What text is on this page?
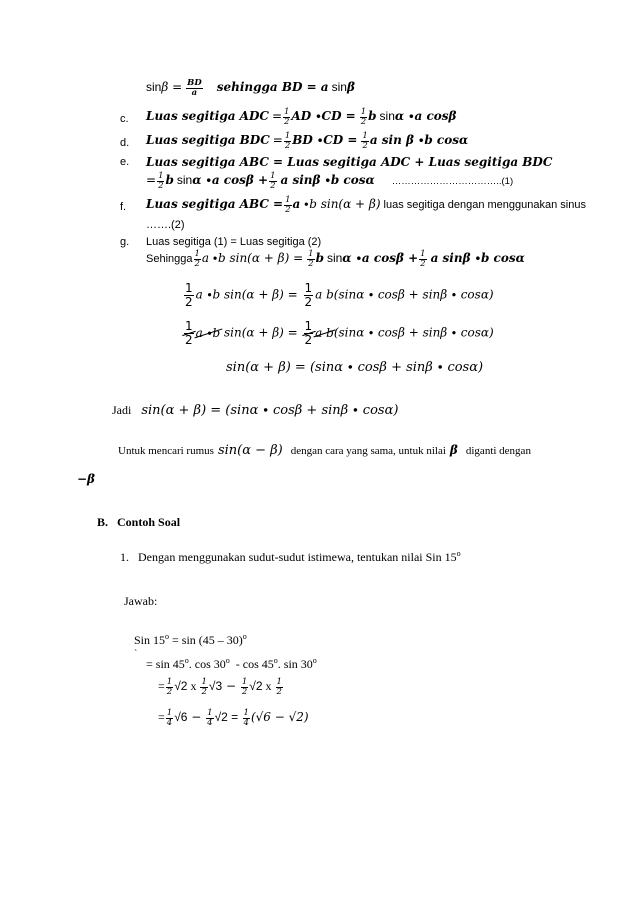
$\sin\beta = \frac{BD}{a}$ sehingga BD = a sinβ
c. Luas segitiga ADC = $\frac{1}{2}$ AD $\cdot CD = \frac{1}{2}$ b sinα ∙a cosβ
d. Luas segitiga BDC = $\frac{1}{2}$ BD $\cdot CD = \frac{1}{2}$ a sin β ∙b cosα
e. Luas segitiga ABC = Luas segitiga ADC + Luas segitiga BDC
= $\frac{1}{2}$ b sinα ∙a $\cos\beta + \frac{1}{2}$ a sinβ ∙b cosα ……………………………..(1)
f. Luas segitiga ABC = $\frac{1}{2}$ a ∙b sin(α + β) luas segitiga dengan menggunakan sinus
…….(2)
g. Luas segitiga (1) = Luas segitiga (2)
Sehingga $\frac{1}{2}$ a ∙b $\sin(\alpha + \beta) = \frac{1}{2}$ b sinα ∙a $\cos\beta + \frac{1}{2}$ a sinβ ∙b cosα
$\frac{1}{2}$ a ∙b $\sin(\alpha + \beta) = \frac{1}{2}$ a b(sinα ∙ cosβ + sinβ ∙ cosα)
$\frac{1}{2}$ a ∙b $\sin(\alpha + \beta) = \frac{1}{2}$ a b(sinα ∙ cosβ + sinβ ∙ cosα)
sin(α + β) = (sinα ∙ cosβ + sinβ ∙ cosα)
Jadi sin(α + β) = (sinα ∙ cosβ + sinβ ∙ cosα)
Untuk mencari rumus sin(α − β) dengan cara yang sama, untuk nilai β diganti dengan
−β
B. Contoh Soal
1. Dengan menggunakan sudut-sudut istimewa, tentukan nilai Sin 15$^o$
Jawab:
Sin $15^o = \sin (45 - 30)^o$
`
= sin 45$^o$. cos 30$^o$  - cos 45$^o$. $\sin 30^o$
= $\frac{1}{2} √2$ x $\frac{1}{2} √3 - \frac{1}{2} √2$ x $\frac{1}{2}$
= $\frac{1}{4} √6 - \frac{1}{4} √2 = \frac{1}{4} (√6 - √2)$
